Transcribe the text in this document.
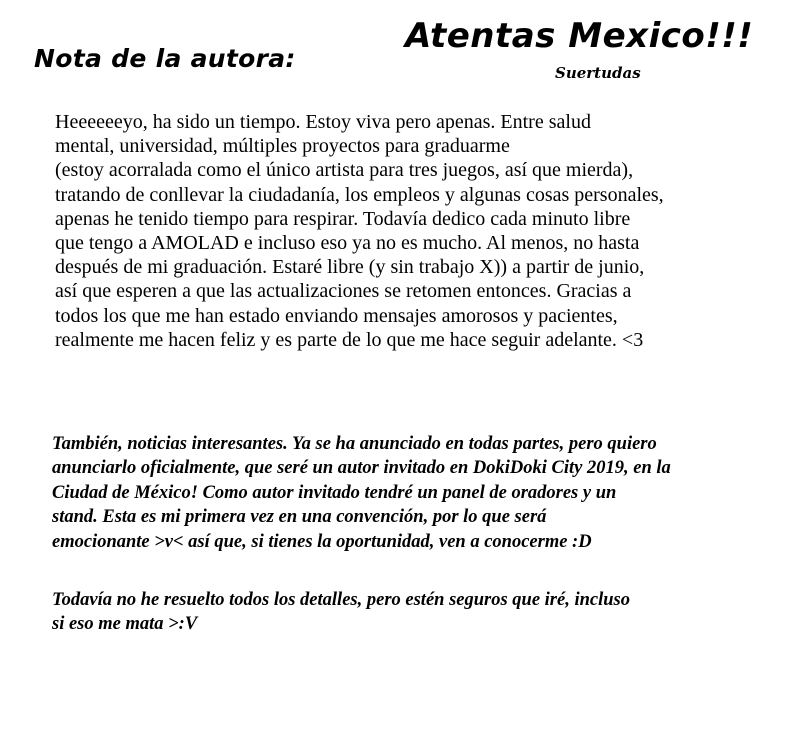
Nota de la autora:
Atentas Mexico!!!
Suertudas

Heeeeeeyo, ha sido un tiempo. Estoy viva pero apenas. Entre salud
mental, universidad, múltiples proyectos para graduarme
(estoy acorralada como el único artista para tres juegos, así que mierda),
tratando de conllevar la ciudadanía, los empleos y algunas cosas personales,
apenas he tenido tiempo para respirar. Todavía dedico cada minuto libre
que tengo a AMOLAD e incluso eso ya no es mucho. Al menos, no hasta
después de mi graduación. Estaré libre (y sin trabajo X)) a partir de junio,
así que esperen a que las actualizaciones se retomen entonces. Gracias a
todos los que me han estado enviando mensajes amorosos y pacientes,
realmente me hacen feliz y es parte de lo que me hace seguir adelante. <3

También, noticias interesantes. Ya se ha anunciado en todas partes, pero quiero
anunciarlo oficialmente, que seré un autor invitado en DokiDoki City 2019, en la
Ciudad de México! Como autor invitado tendré un panel de oradores y un
stand. Esta es mi primera vez en una convención, por lo que será
emocionante >v< así que, si tienes la oportunidad, ven a conocerme :D

Todavía no he resuelto todos los detalles, pero estén seguros que iré, incluso
si eso me mata >:V
